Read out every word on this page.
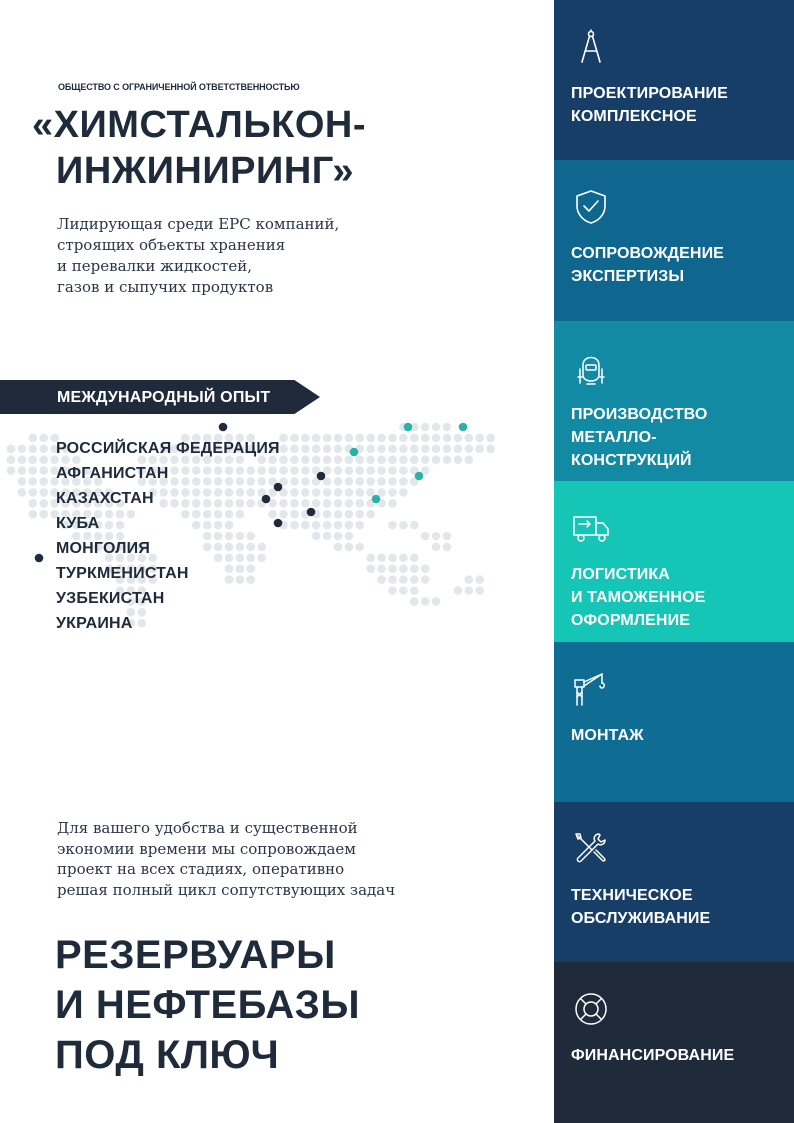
ОБЩЕСТВО С ОГРАНИЧЕННОЙ ОТВЕТСТВЕННОСТЬЮ
«ХИМСТАЛЬКОН-
ИНЖИНИРИНГ»
Лидирующая среди EPC компаний,
строящих объекты хранения
и перевалки жидкостей,
газов и сыпучих продуктов
МЕЖДУНАРОДНЫЙ ОПЫТ
РОССИЙСКАЯ ФЕДЕРАЦИЯ
АФГАНИСТАН
КАЗАХСТАН
КУБА
МОНГОЛИЯ
ТУРКМЕНИСТАН
УЗБЕКИСТАН
УКРАИНА
Для вашего удобства и существенной
экономии времени мы сопровождаем
проект на всех стадиях, оперативно
решая полный цикл сопутствующих задач
РЕЗЕРВУАРЫ
И НЕФТЕБАЗЫ
ПОД КЛЮЧ
ПРОЕКТИРОВАНИЕ
КОМПЛЕКСНОЕ
СОПРОВОЖДЕНИЕ
ЭКСПЕРТИЗЫ
ПРОИЗВОДСТВО
МЕТАЛЛО-
КОНСТРУКЦИЙ
ЛОГИСТИКА
И ТАМОЖЕННОЕ
ОФОРМЛЕНИЕ
МОНТАЖ
ТЕХНИЧЕСКОЕ
ОБСЛУЖИВАНИЕ
ФИНАНСИРОВАНИЕ
